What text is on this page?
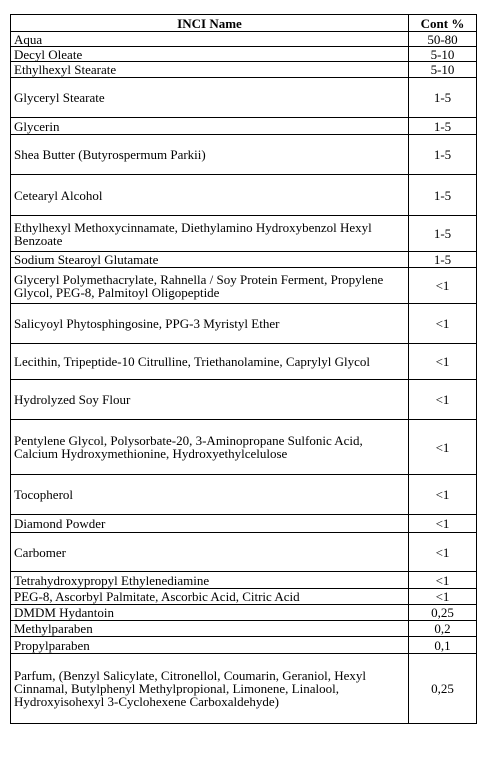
INCI Name	Cont %
Aqua	50-80
Decyl Oleate	5-10
Ethylhexyl Stearate	5-10
Glyceryl Stearate	1-5
Glycerin	1-5
Shea Butter (Butyrospermum Parkii)	1-5
Cetearyl Alcohol	1-5
Ethylhexyl Methoxycinnamate, Diethylamino Hydroxybenzol Hexyl Benzoate	1-5
Sodium Stearoyl Glutamate	1-5
Glyceryl Polymethacrylate, Rahnella / Soy Protein Ferment, Propylene Glycol, PEG-8, Palmitoyl Oligopeptide	<1
Salicyoyl Phytosphingosine, PPG-3 Myristyl Ether	<1
Lecithin, Tripeptide-10 Citrulline, Triethanolamine, Caprylyl Glycol	<1
Hydrolyzed Soy Flour	<1
Pentylene Glycol, Polysorbate-20, 3-Aminopropane Sulfonic Acid, Calcium Hydroxymethionine, Hydroxyethylcelulose	<1
Tocopherol	<1
Diamond Powder	<1
Carbomer	<1
Tetrahydroxypropyl Ethylenediamine	<1
PEG-8, Ascorbyl Palmitate, Ascorbic Acid, Citric Acid	<1
DMDM Hydantoin	0,25
Methylparaben	0,2
Propylparaben	0,1
Parfum, (Benzyl Salicylate, Citronellol, Coumarin, Geraniol, Hexyl Cinnamal, Butylphenyl Methylpropional, Limonene, Linalool, Hydroxyisohexyl 3-Cyclohexene Carboxaldehyde)	0,25
